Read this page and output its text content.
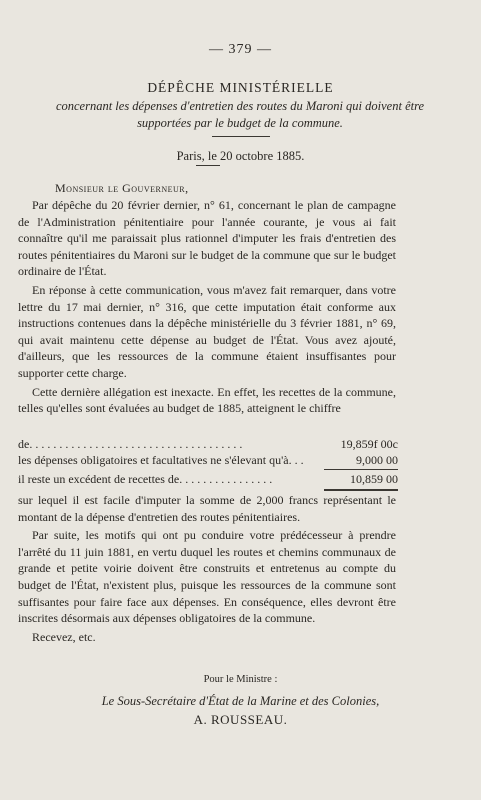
— 379 —
DÉPÊCHE MINISTÉRIELLE
concernant les dépenses d'entretien des routes du Maroni qui doivent être supportées par le budget de la commune.
Paris, le 20 octobre 1885.
Monsieur le Gouverneur,

Par dépêche du 20 février dernier, n° 61, concernant le plan de campagne de l'Administration pénitentiaire pour l'année courante, je vous ai fait connaître qu'il me paraissait plus rationnel d'imputer les frais d'entretien des routes pénitentiaires du Maroni sur le budget de la commune que sur le budget ordinaire de l'État.

En réponse à cette communication, vous m'avez fait remarquer, dans votre lettre du 17 mai dernier, n° 316, que cette imputation était conforme aux instructions contenues dans la dépêche ministérielle du 3 février 1881, n° 69, qui avait maintenu cette dépense au budget de l'État. Vous avez ajouté, d'ailleurs, que les ressources de la commune étaient insuffisantes pour supporter cette charge.

Cette dernière allégation est inexacte. En effet, les recettes de la commune, telles qu'elles sont évaluées au budget de 1885, atteignent le chiffre

de. . . . . . . . . . . . . . . . . . . . . . . . . . . . . . . . . . . .	19,859f 00c
les dépenses obligatoires et facultatives ne s'élevant qu'à. . .	9,000 00
il reste un excédent de recettes de. . . . . . . . . . . . . . . .	10,859 00

sur lequel il est facile d'imputer la somme de 2,000 francs représentant le montant de la dépense d'entretien des routes pénitentiaires.

Par suite, les motifs qui ont pu conduire votre prédécesseur à prendre l'arrêté du 11 juin 1881, en vertu duquel les routes et chemins communaux de grande et petite voirie doivent être construits et entretenus au compte du budget de l'État, n'existent plus, puisque les ressources de la commune sont suffisantes pour faire face aux dépenses. En conséquence, elles devront être inscrites désormais aux dépenses obligatoires de la commune.

Recevez, etc.

Pour le Ministre :
Le Sous-Secrétaire d'État de la Marine et des Colonies,
A. ROUSSEAU.
